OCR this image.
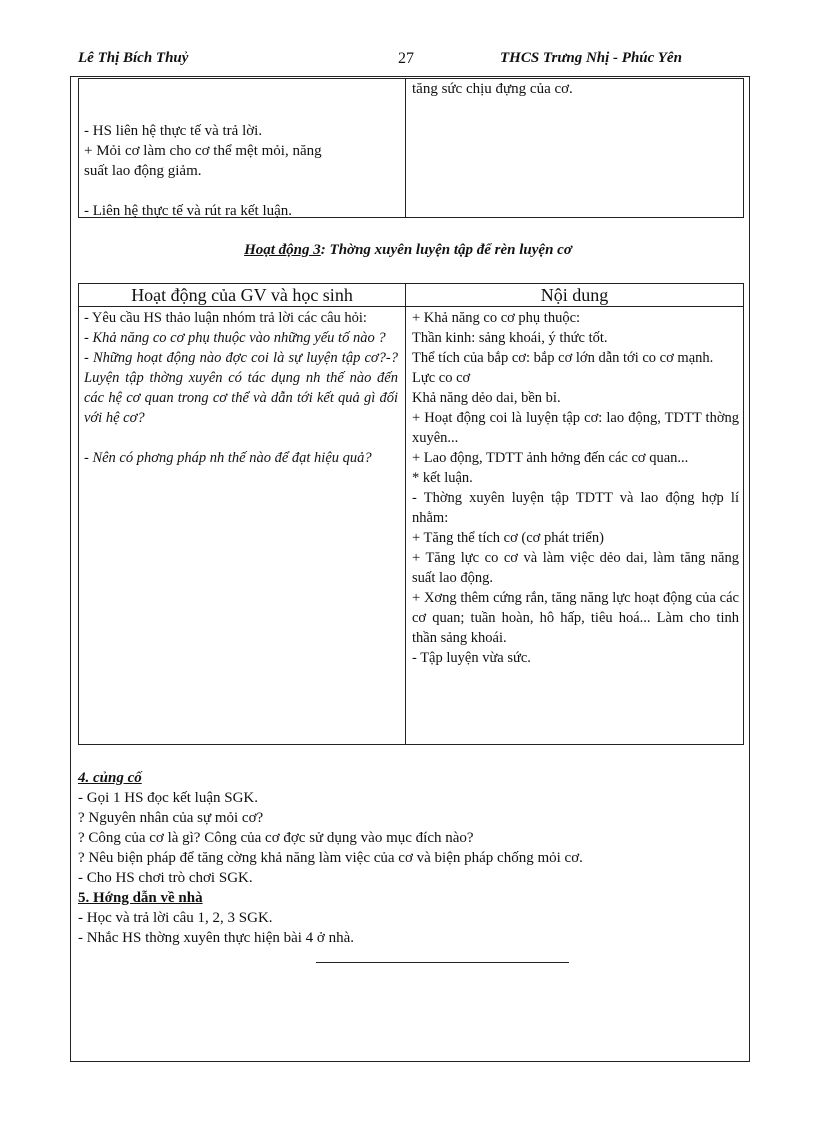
Lê Thị Bích Thuỷ	27	THCS Trưng Nhị - Phúc Yên
- HS liên hệ thực tế và trả lời.
+ Mỏi cơ làm cho cơ thể mệt mỏi, năng
suất lao động giảm.
- Liên hệ thực tế và rút ra kết luận.
tăng sức chịu đựng của cơ.
Hoạt động 3: Thờng xuyên luyện tập để rèn luyện cơ
Hoạt động của GV và học sinh	Nội dung
- Yêu cầu HS thảo luận nhóm trả lời các câu hỏi:
- Khả năng co cơ phụ thuộc vào những yếu tố nào ?
- Những hoạt động nào đợc coi là sự luyện tập cơ?-? Luyện tập thờng xuyên có tác dụng nh thế nào đến các hệ cơ quan trong cơ thể và dẫn tới kết quả gì đối với hệ cơ?
- Nên có phơng pháp nh thế nào để đạt hiệu quả?
+ Khả năng co cơ phụ thuộc:
Thần kinh: sảng khoái, ý thức tốt.
Thể tích của bắp cơ: bắp cơ lớn dẫn tới co cơ mạnh.
Lực co cơ
Khả năng dẻo dai, bền bỉ.
+ Hoạt động coi là luyện tập cơ: lao động, TDTT thờng xuyên...
+ Lao động, TDTT ảnh hởng đến các cơ quan...
* kết luận.
- Thờng xuyên luyện tập TDTT và lao động hợp lí nhằm:
+ Tăng thể tích cơ (cơ phát triển)
+ Tăng lực co cơ và làm việc dẻo dai, làm tăng năng suất lao động.
+ Xơng thêm cứng rắn, tăng năng lực hoạt động của các cơ quan; tuần hoàn, hô hấp, tiêu hoá... Làm cho tinh thần sảng khoái.
- Tập luyện vừa sức.
4. củng cố
- Gọi 1 HS đọc kết luận SGK.
? Nguyên nhân của sự mỏi cơ?
? Công của cơ là gì? Công của cơ đợc sử dụng vào mục đích nào?
? Nêu biện pháp để tăng cờng khả năng làm việc của cơ và biện pháp chống mỏi cơ.
- Cho HS chơi trò chơi SGK.
5. Hớng dẫn về nhà
- Học và trả lời câu 1, 2, 3 SGK.
- Nhắc HS thờng xuyên thực hiện bài 4 ở nhà.
